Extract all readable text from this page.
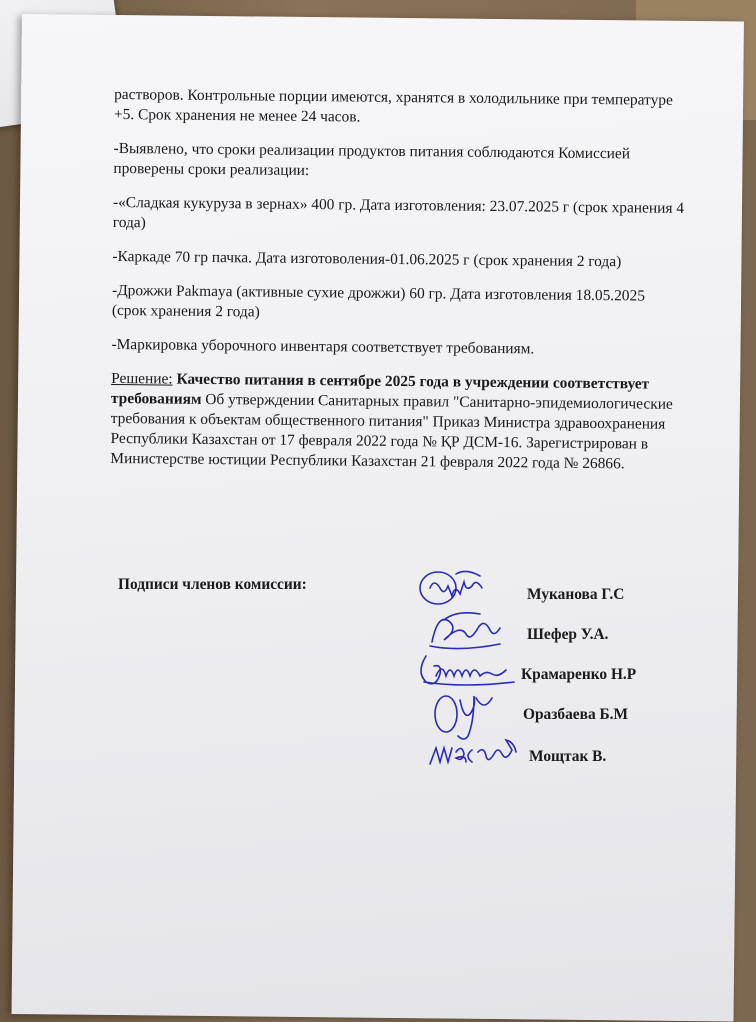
растворов. Контрольные порции имеются, хранятся в холодильнике при температуре +5. Срок хранения не менее 24 часов.

-Выявлено, что сроки реализации продуктов питания соблюдаются Комиссией проверены сроки реализации:

-«Сладкая кукуруза в зернах» 400 гр. Дата изготовления: 23.07.2025 г (срок хранения 4 года)

-Каркаде 70 гр пачка. Дата изготоволения-01.06.2025 г (срок хранения 2 года)

-Дрожжи Pakmaya (активные сухие дрожжи) 60 гр. Дата изготовления 18.05.2025
(срок хранения 2 года)

-Маркировка уборочного инвентаря соответствует требованиям.

Решение: Качество питания в сентябре 2025 года в учреждении соответствует требованиям Об утверждении Санитарных правил "Санитарно-эпидемиологические требования к объектам общественного питания" Приказ Министра здравоохранения Республики Казахстан от 17 февраля 2022 года № ҚР ДСМ-16. Зарегистрирован в Министерстве юстиции Республики Казахстан 21 февраля 2022 года № 26866.

Подписи членов комиссии:
Муканова Г.С
Шефер У.А.
Крамаренко Н.Р
Оразбаева Б.М
Мощтак В.
